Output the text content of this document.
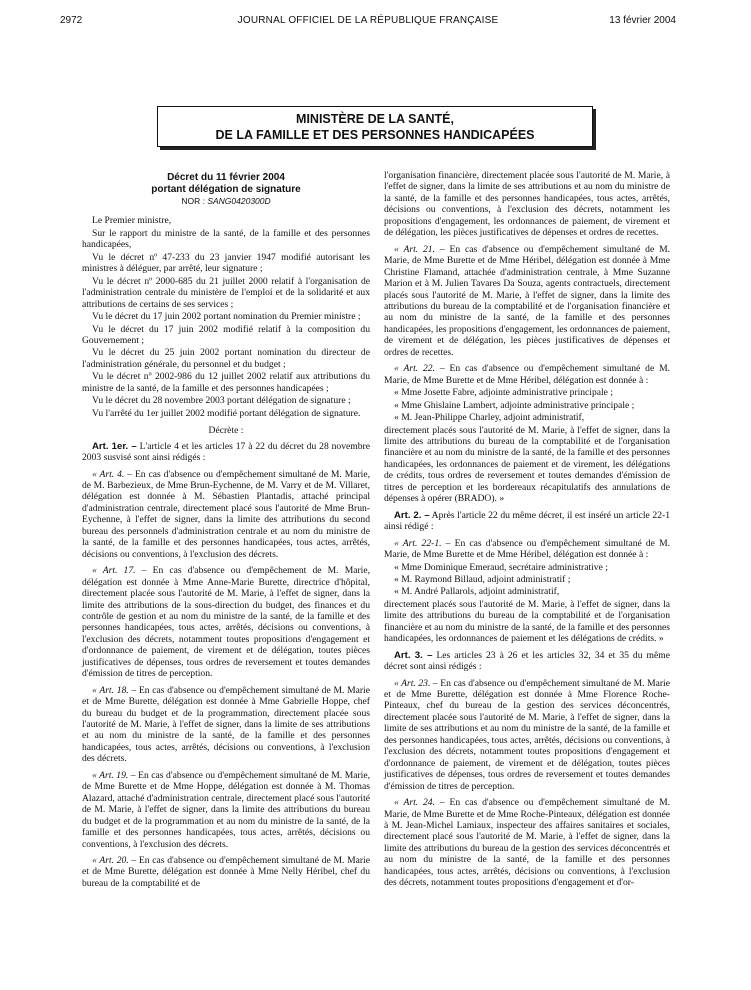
2972	JOURNAL OFFICIEL DE LA RÉPUBLIQUE FRANÇAISE	13 février 2004
MINISTÈRE DE LA SANTÉ,
DE LA FAMILLE ET DES PERSONNES HANDICAPÉES
Décret du 11 février 2004
portant délégation de signature
NOR : SANG0420300D

Le Premier ministre,

Sur le rapport du ministre de la santé, de la famille et des personnes handicapées,

Vu le décret nº 47-233 du 23 janvier 1947 modifié autorisant les ministres à déléguer, par arrêté, leur signature ;

Vu le décret nº 2000-685 du 21 juillet 2000 relatif à l'organisation de l'administration centrale du ministère de l'emploi et de la solidarité et aux attributions de certains de ses services ;

Vu le décret du 17 juin 2002 portant nomination du Premier ministre ;

Vu le décret du 17 juin 2002 modifié relatif à la composition du Gouvernement ;

Vu le décret du 25 juin 2002 portant nomination du directeur de l'administration générale, du personnel et du budget ;

Vu le décret nº 2002-986 du 12 juillet 2002 relatif aux attributions du ministre de la santé, de la famille et des personnes handicapées ;

Vu le décret du 28 novembre 2003 portant délégation de signature ;

Vu l'arrêté du 1er juillet 2002 modifié portant délégation de signature.

Décrète :

Art. 1er. – L'article 4 et les articles 17 à 22 du décret du 28 novembre 2003 susvisé sont ainsi rédigés :

« Art. 4. – En cas d'absence ou d'empêchement simultané de M. Marie, de M. Barbezieux, de Mme Brun-Eychenne, de M. Varry et de M. Villaret, délégation est donnée à M. Sébastien Plantadis, attaché principal d'administration centrale, directement placé sous l'autorité de Mme Brun-Eychenne, à l'effet de signer, dans la limite des attributions du second bureau des personnels d'administration centrale et au nom du ministre de la santé, de la famille et des personnes handicapées, tous actes, arrêtés, décisions ou conventions, à l'exclusion des décrets.

« Art. 17. – En cas d'absence ou d'empêchement de M. Marie, délégation est donnée à Mme Anne-Marie Burette, directrice d'hôpital, directement placée sous l'autorité de M. Marie, à l'effet de signer, dans la limite des attributions de la sous-direction du budget, des finances et du contrôle de gestion et au nom du ministre de la santé, de la famille et des personnes handicapées, tous actes, arrêtés, décisions ou conventions, à l'exclusion des décrets, notamment toutes propositions d'engagement et d'ordonnance de paiement, de virement et de délégation, toutes pièces justificatives de dépenses, tous ordres de reversement et toutes demandes d'émission de titres de perception.

« Art. 18. – En cas d'absence ou d'empêchement simultané de M. Marie et de Mme Burette, délégation est donnée à Mme Gabrielle Hoppe, chef du bureau du budget et de la programmation, directement placée sous l'autorité de M. Marie, à l'effet de signer, dans la limite de ses attributions et au nom du ministre de la santé, de la famille et des personnes handicapées, tous actes, arrêtés, décisions ou conventions, à l'exclusion des décrets.

« Art. 19. – En cas d'absence ou d'empêchement simultané de M. Marie, de Mme Burette et de Mme Hoppe, délégation est donnée à M. Thomas Alazard, attaché d'administration centrale, directement placé sous l'autorité de M. Marie, à l'effet de signer, dans la limite des attributions du bureau du budget et de la programmation et au nom du ministre de la santé, de la famille et des personnes handicapées, tous actes, arrêtés, décisions ou conventions, à l'exclusion des décrets.

« Art. 20. – En cas d'absence ou d'empêchement simultané de M. Marie et de Mme Burette, délégation est donnée à Mme Nelly Héribel, chef du bureau de la comptabilité et de

l'organisation financière, directement placée sous l'autorité de M. Marie, à l'effet de signer, dans la limite de ses attributions et au nom du ministre de la santé, de la famille et des personnes handicapées, tous actes, arrêtés, décisions ou conventions, à l'exclusion des décrets, notamment les propositions d'engagement, les ordonnances de paiement, de virement et de délégation, les pièces justificatives de dépenses et ordres de recettes.

« Art. 21. – En cas d'absence ou d'empêchement simultané de M. Marie, de Mme Burette et de Mme Héribel, délégation est donnée à Mme Christine Flamand, attachée d'administration centrale, à Mme Suzanne Marion et à M. Julien Tavares Da Souza, agents contractuels, directement placés sous l'autorité de M. Marie, à l'effet de signer, dans la limite des attributions du bureau de la comptabilité et de l'organisation financière et au nom du ministre de la santé, de la famille et des personnes handicapées, les propositions d'engagement, les ordonnances de paiement, de virement et de délégation, les pièces justificatives de dépenses et ordres de recettes.

« Art. 22. – En cas d'absence ou d'empêchement simultané de M. Marie, de Mme Burette et de Mme Héribel, délégation est donnée à :

« Mme Josette Fabre, adjointe administrative principale ;

« Mme Ghislaine Lambert, adjointe administrative principale ;

« M. Jean-Philippe Charley, adjoint administratif,

directement placés sous l'autorité de M. Marie, à l'effet de signer, dans la limite des attributions du bureau de la comptabilité et de l'organisation financière et au nom du ministre de la santé, de la famille et des personnes handicapées, les ordonnances de paiement et de virement, les délégations de crédits, tous ordres de reversement et toutes demandes d'émission de titres de perception et les bordereaux récapitulatifs des annulations de dépenses à opérer (BRADO). »

Art. 2. – Après l'article 22 du même décret, il est inséré un article 22-1 ainsi rédigé :

« Art. 22-1. – En cas d'absence ou d'empêchement simultané de M. Marie, de Mme Burette et de Mme Héribel, délégation est donnée à :

« Mme Dominique Emeraud, secrétaire administrative ;

« M. Raymond Billaud, adjoint administratif ;

« M. André Pallarols, adjoint administratif,

directement placés sous l'autorité de M. Marie, à l'effet de signer, dans la limite des attributions du bureau de la comptabilité et de l'organisation financière et au nom du ministre de la santé, de la famille et des personnes handicapées, les ordonnances de paiement et les délégations de crédits. »

Art. 3. – Les articles 23 à 26 et les articles 32, 34 et 35 du même décret sont ainsi rédigés :

« Art. 23. – En cas d'absence ou d'empêchement simultané de M. Marie et de Mme Burette, délégation est donnée à Mme Florence Roche-Pinteaux, chef du bureau de la gestion des services déconcentrés, directement placée sous l'autorité de M. Marie, à l'effet de signer, dans la limite de ses attributions et au nom du ministre de la santé, de la famille et des personnes handicapées, tous actes, arrêtés, décisions ou conventions, à l'exclusion des décrets, notamment toutes propositions d'engagement et d'ordonnance de paiement, de virement et de délégation, toutes pièces justificatives de dépenses, tous ordres de reversement et toutes demandes d'émission de titres de perception.

« Art. 24. – En cas d'absence ou d'empêchement simultané de M. Marie, de Mme Burette et de Mme Roche-Pinteaux, délégation est donnée à M. Jean-Michel Lamiaux, inspecteur des affaires sanitaires et sociales, directement placé sous l'autorité de M. Marie, à l'effet de signer, dans la limite des attributions du bureau de la gestion des services déconcentrés et au nom du ministre de la santé, de la famille et des personnes handicapées, tous actes, arrêtés, décisions ou conventions, à l'exclusion des décrets, notamment toutes propositions d'engagement et d'or-
